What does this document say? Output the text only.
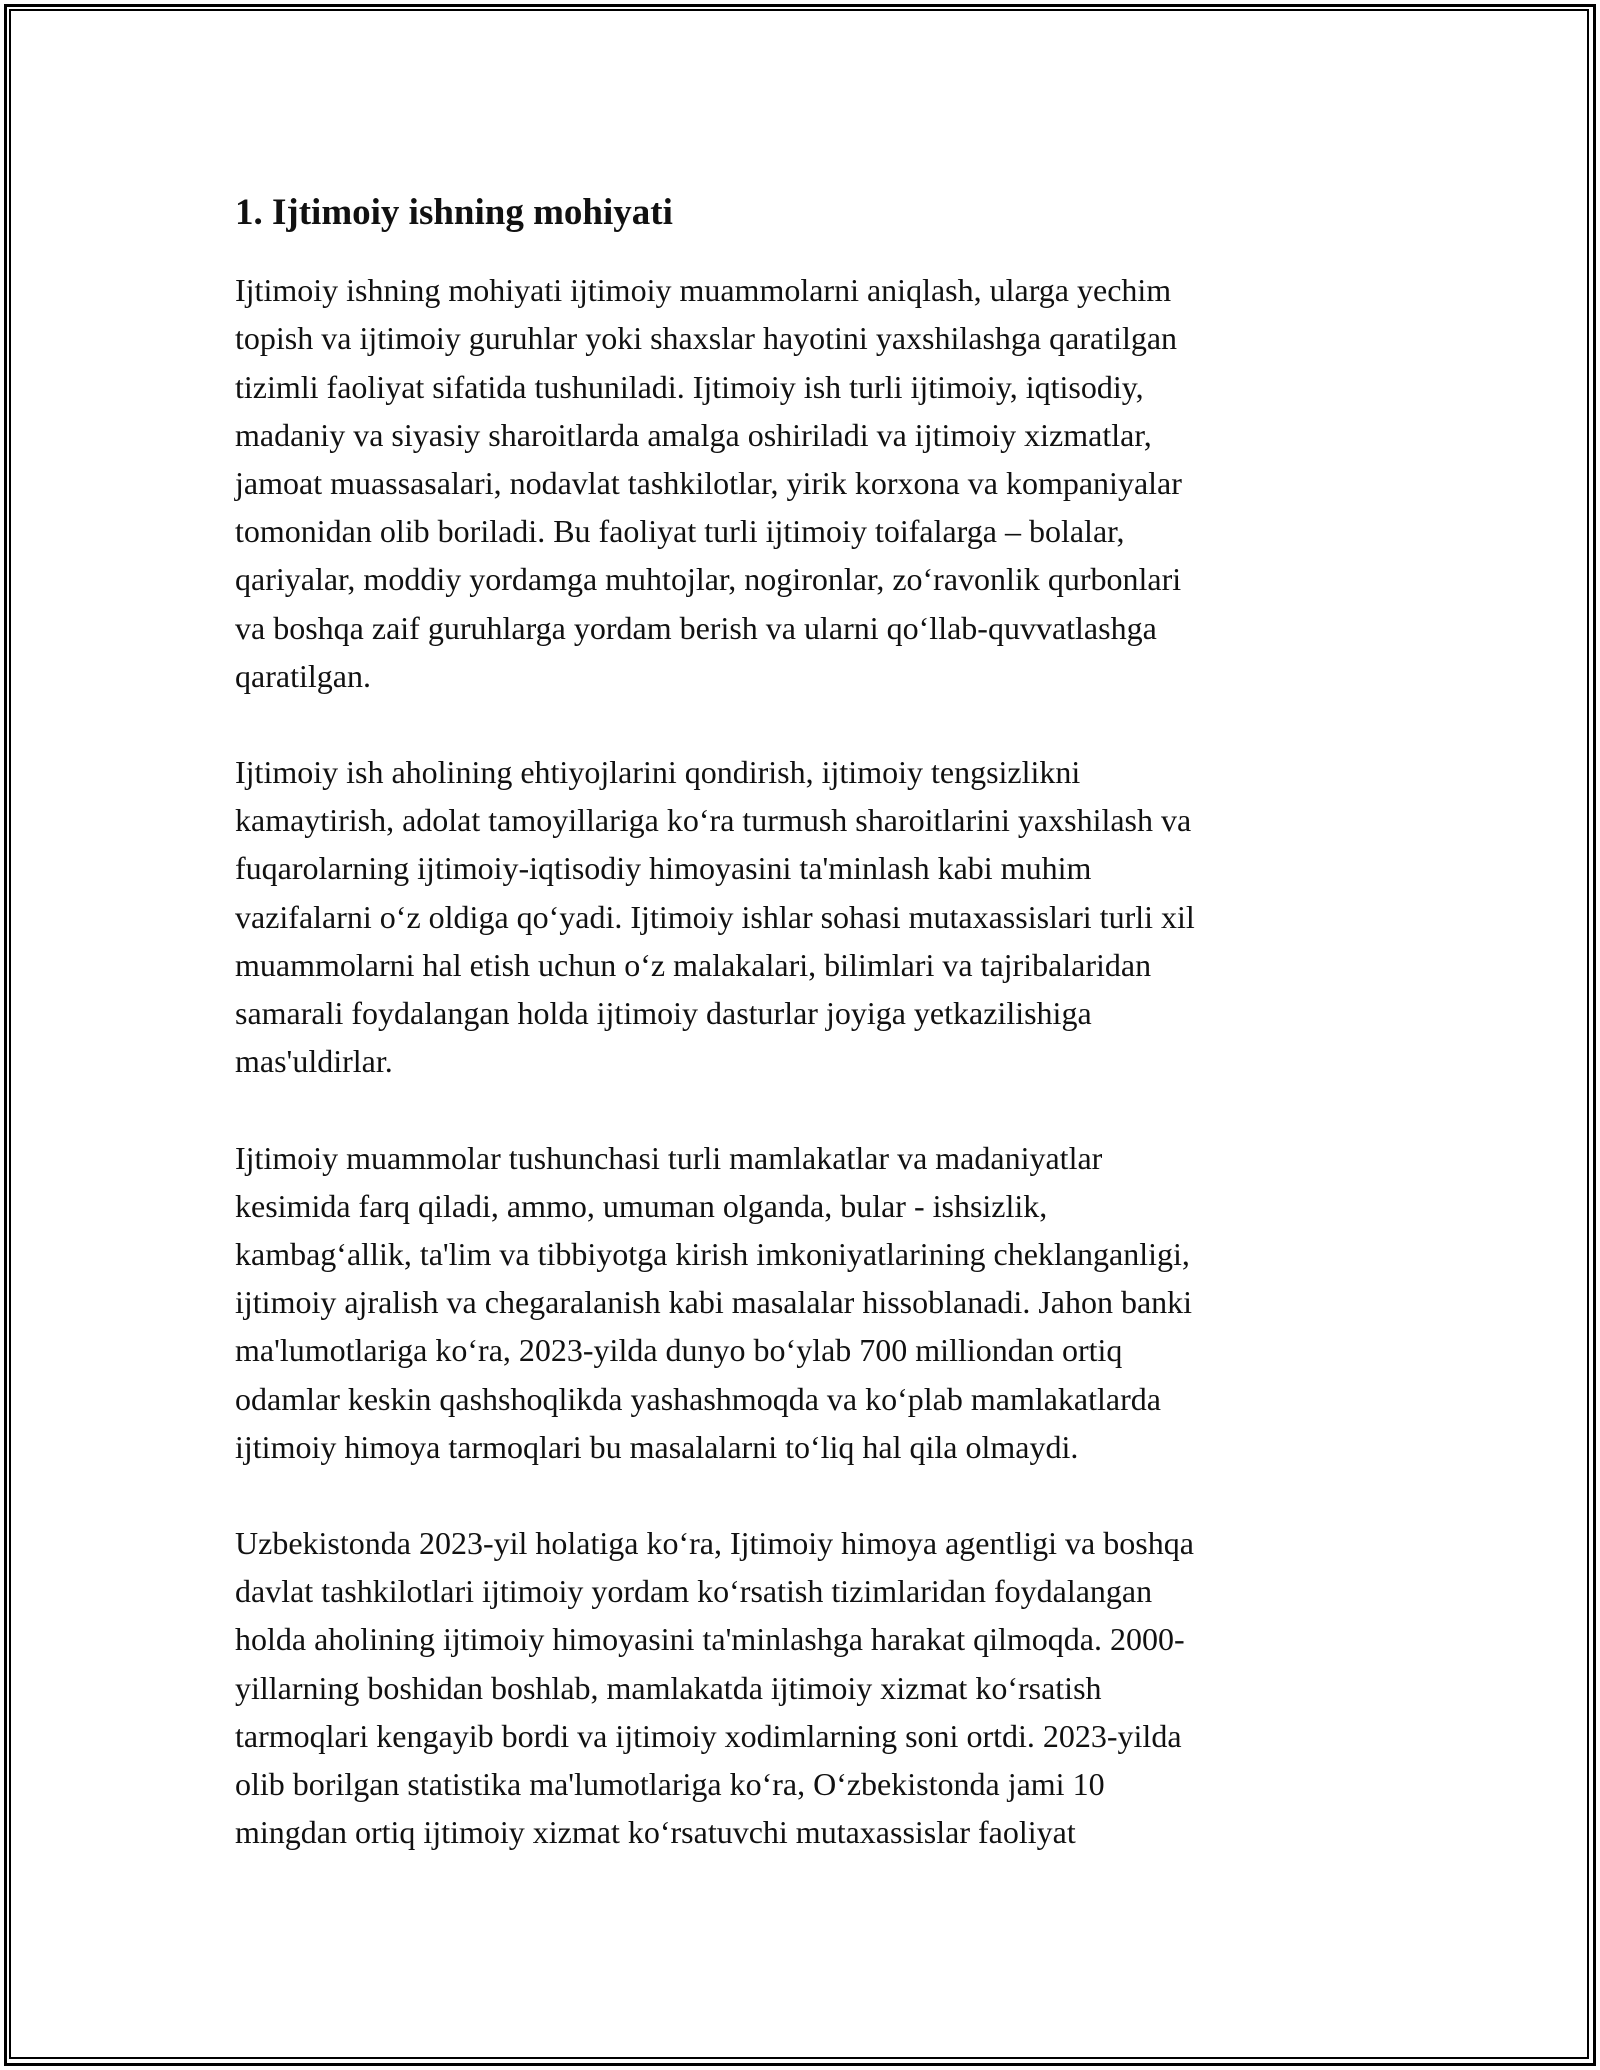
1. Ijtimoiy ishning mohiyati
Ijtimoiy ishning mohiyati ijtimoiy muammolarni aniqlash, ularga yechim
topish va ijtimoiy guruhlar yoki shaxslar hayotini yaxshilashga qaratilgan
tizimli faoliyat sifatida tushuniladi. Ijtimoiy ish turli ijtimoiy, iqtisodiy,
madaniy va siyasiy sharoitlarda amalga oshiriladi va ijtimoiy xizmatlar,
jamoat muassasalari, nodavlat tashkilotlar, yirik korxona va kompaniyalar
tomonidan olib boriladi. Bu faoliyat turli ijtimoiy toifalarga – bolalar,
qariyalar, moddiy yordamga muhtojlar, nogironlar, zoʻravonlik qurbonlari
va boshqa zaif guruhlarga yordam berish va ularni qoʻllab-quvvatlashga
qaratilgan.
Ijtimoiy ish aholining ehtiyojlarini qondirish, ijtimoiy tengsizlikni
kamaytirish, adolat tamoyillariga koʻra turmush sharoitlarini yaxshilash va
fuqarolarning ijtimoiy-iqtisodiy himoyasini ta'minlash kabi muhim
vazifalarni oʻz oldiga qoʻyadi. Ijtimoiy ishlar sohasi mutaxassislari turli xil
muammolarni hal etish uchun oʻz malakalari, bilimlari va tajribalaridan
samarali foydalangan holda ijtimoiy dasturlar joyiga yetkazilishiga
mas'uldirlar.
Ijtimoiy muammolar tushunchasi turli mamlakatlar va madaniyatlar
kesimida farq qiladi, ammo, umuman olganda, bular - ishsizlik,
kambagʻallik, ta'lim va tibbiyotga kirish imkoniyatlarining cheklanganligi,
ijtimoiy ajralish va chegaralanish kabi masalalar hissoblanadi. Jahon banki
ma'lumotlariga koʻra, 2023-yilda dunyo boʻylab 700 milliondan ortiq
odamlar keskin qashshoqlikda yashashmoqda va koʻplab mamlakatlarda
ijtimoiy himoya tarmoqlari bu masalalarni toʻliq hal qila olmaydi.
Uzbekistonda 2023-yil holatiga koʻra, Ijtimoiy himoya agentligi va boshqa
davlat tashkilotlari ijtimoiy yordam koʻrsatish tizimlaridan foydalangan
holda aholining ijtimoiy himoyasini ta'minlashga harakat qilmoqda. 2000-
yillarning boshidan boshlab, mamlakatda ijtimoiy xizmat koʻrsatish
tarmoqlari kengayib bordi va ijtimoiy xodimlarning soni ortdi. 2023-yilda
olib borilgan statistika ma'lumotlariga koʻra, Oʻzbekistonda jami 10
mingdan ortiq ijtimoiy xizmat koʻrsatuvchi mutaxassislar faoliyat
